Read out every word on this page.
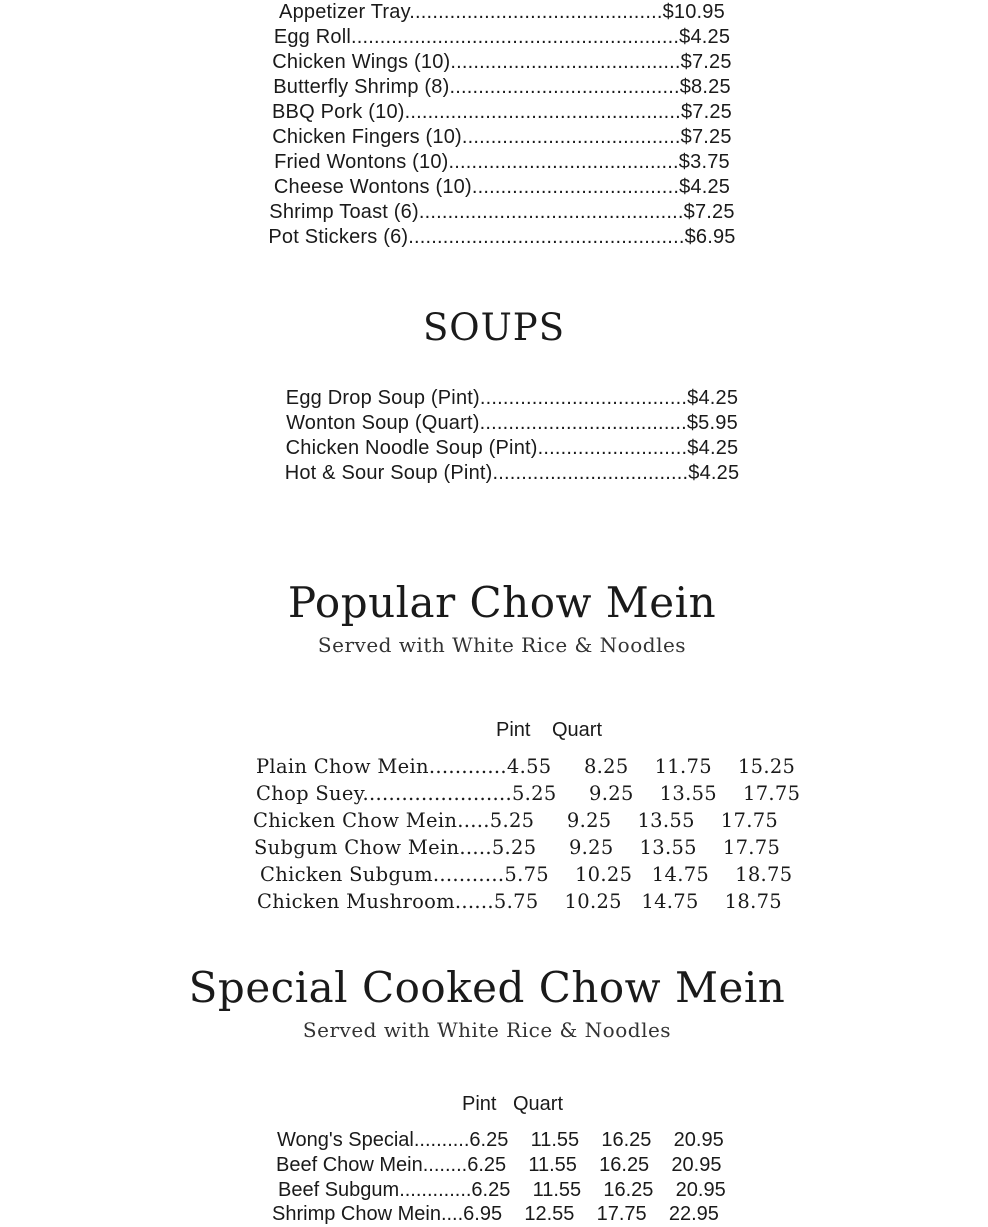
Appetizer Tray............................................$10.95
Egg Roll.........................................................$4.25
Chicken Wings (10)........................................$7.25
Butterfly Shrimp (8)........................................$8.25
BBQ Pork (10)................................................$7.25
Chicken Fingers (10)......................................$7.25
Fried Wontons (10)........................................$3.75
Cheese Wontons (10)....................................$4.25
Shrimp Toast (6)..............................................$7.25
Pot Stickers (6)................................................$6.95
SOUPS
Egg Drop Soup (Pint)....................................$4.25
Wonton Soup (Quart)....................................$5.95
Chicken Noodle Soup (Pint)..........................$4.25
Hot & Sour Soup (Pint)..................................$4.25
Popular Chow Mein
Served with White Rice & Noodles
Pint Quart
Plain Chow Mein............4.55     8.25    11.75    15.25
Chop Suey.......................5.25     9.25    13.55    17.75
Chicken Chow Mein.....5.25     9.25    13.55    17.75
Subgum Chow Mein.....5.25     9.25    13.55    17.75
Chicken Subgum...........5.75    10.25   14.75    18.75
Chicken Mushroom......5.75    10.25   14.75    18.75
Special Cooked Chow Mein
Served with White Rice & Noodles
Pint Quart
Wong's Special..........6.25    11.55    16.25    20.95
Beef Chow Mein........6.25    11.55    16.25    20.95
Beef Subgum.............6.25    11.55    16.25    20.95
Shrimp Chow Mein....6.95    12.55    17.75    22.95
